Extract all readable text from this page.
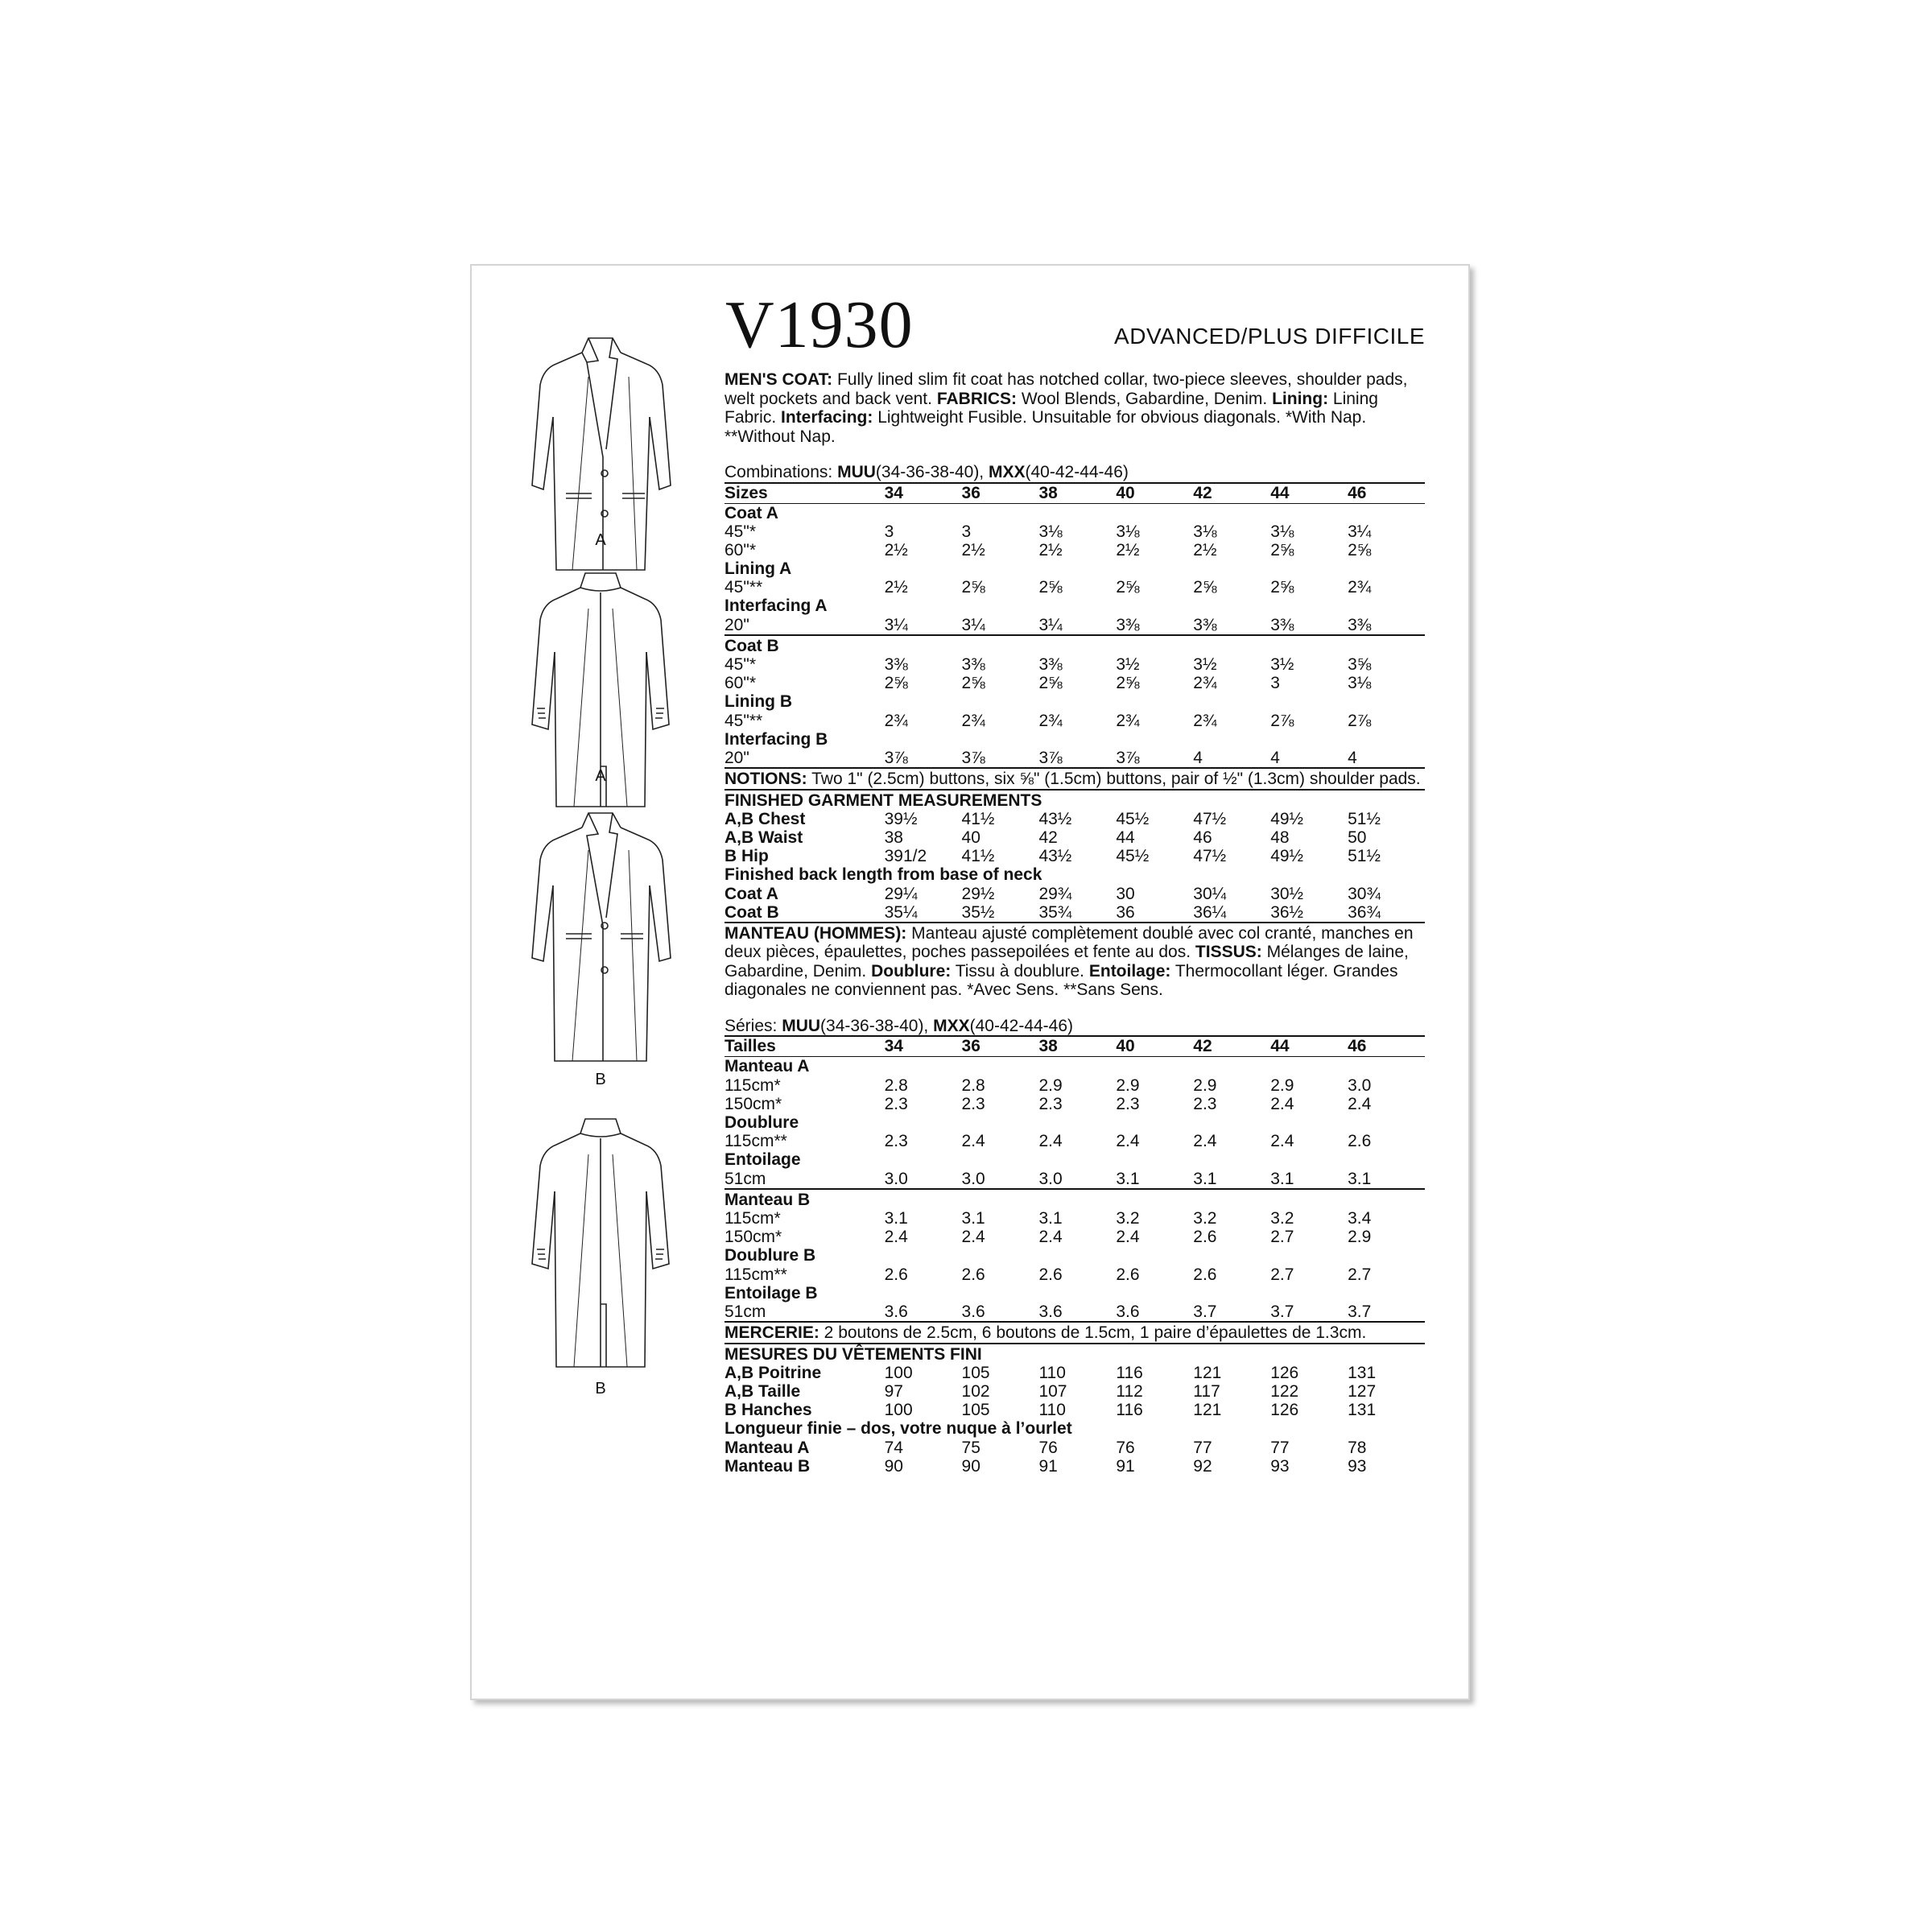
A
A
B
B
V1930	ADVANCED/PLUS DIFFICILE

MEN'S COAT: Fully lined slim fit coat has notched collar, two-piece sleeves, shoulder pads, welt pockets and back vent. FABRICS: Wool Blends, Gabardine, Denim. Lining: Lining Fabric. Interfacing: Lightweight Fusible. Unsuitable for obvious diagonals. *With Nap. **Without Nap.

Combinations: MUU(34-36-38-40), MXX(40-42-44-46)
Sizes	34	36	38	40	42	44	46
Coat A
45"*	3	3	3⅛	3⅛	3⅛	3⅛	3¼
60"*	2½	2½	2½	2½	2½	2⅝	2⅝
Lining A
45"**	2½	2⅝	2⅝	2⅝	2⅝	2⅝	2¾
Interfacing A
20"	3¼	3¼	3¼	3⅜	3⅜	3⅜	3⅜
Coat B
45"*	3⅜	3⅜	3⅜	3½	3½	3½	3⅝
60"*	2⅝	2⅝	2⅝	2⅝	2¾	3	3⅛
Lining B
45"**	2¾	2¾	2¾	2¾	2¾	2⅞	2⅞
Interfacing B
20"	3⅞	3⅞	3⅞	3⅞	4	4	4

NOTIONS: Two 1" (2.5cm) buttons, six ⅝" (1.5cm) buttons, pair of ½" (1.3cm) shoulder pads.

FINISHED GARMENT MEASUREMENTS
A,B Chest	39½	41½	43½	45½	47½	49½	51½
A,B Waist	38	40	42	44	46	48	50
B Hip	391/2	41½	43½	45½	47½	49½	51½
Finished back length from base of neck
Coat A	29¼	29½	29¾	30	30¼	30½	30¾
Coat B	35¼	35½	35¾	36	36¼	36½	36¾

MANTEAU (HOMMES): Manteau ajusté complètement doublé avec col cranté, manches en deux pièces, épaulettes, poches passepoilées et fente au dos. TISSUS: Mélanges de laine, Gabardine, Denim. Doublure: Tissu à doublure. Entoilage: Thermocollant léger. Grandes diagonales ne conviennent pas. *Avec Sens. **Sans Sens.

Séries: MUU(34-36-38-40), MXX(40-42-44-46)
Tailles	34	36	38	40	42	44	46
Manteau A
115cm*	2.8	2.8	2.9	2.9	2.9	2.9	3.0
150cm*	2.3	2.3	2.3	2.3	2.3	2.4	2.4
Doublure
115cm**	2.3	2.4	2.4	2.4	2.4	2.4	2.6
Entoilage
51cm	3.0	3.0	3.0	3.1	3.1	3.1	3.1
Manteau B
115cm*	3.1	3.1	3.1	3.2	3.2	3.2	3.4
150cm*	2.4	2.4	2.4	2.4	2.6	2.7	2.9
Doublure B
115cm**	2.6	2.6	2.6	2.6	2.6	2.7	2.7
Entoilage B
51cm	3.6	3.6	3.6	3.6	3.7	3.7	3.7

MERCERIE: 2 boutons de 2.5cm, 6 boutons de 1.5cm, 1 paire d’épaulettes de 1.3cm.

MESURES DU VÊTEMENTS FINI
A,B Poitrine	100	105	110	116	121	126	131
A,B Taille	97	102	107	112	117	122	127
B Hanches	100	105	110	116	121	126	131
Longueur finie – dos, votre nuque à l’ourlet
Manteau A	74	75	76	76	77	77	78
Manteau B	90	90	91	91	92	93	93
